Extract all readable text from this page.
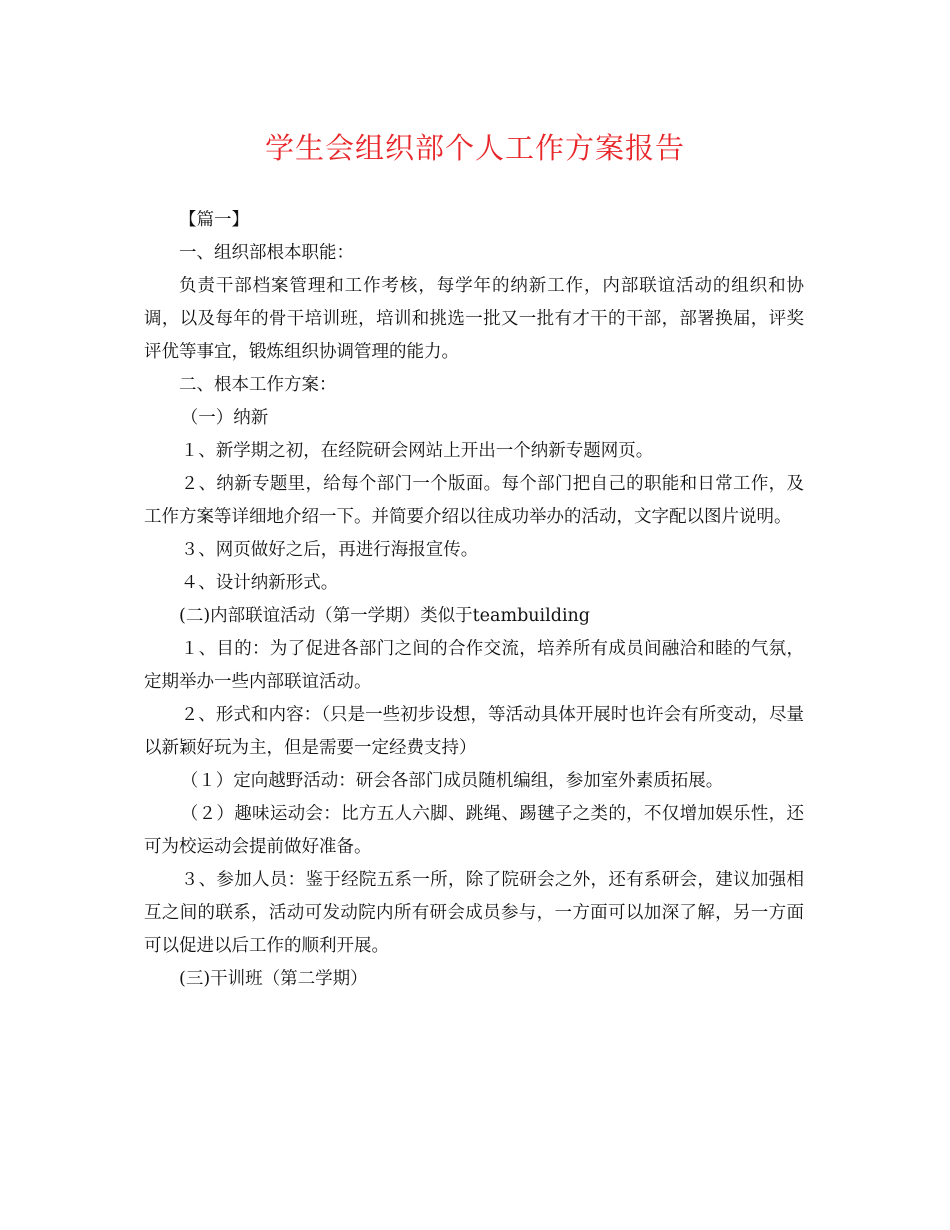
学生会组织部个人工作方案报告

【篇一】

一、组织部根本职能：

负责干部档案管理和工作考核，每学年的纳新工作，内部联谊活动的组织和协调，以及每年的骨干培训班，培训和挑选一批又一批有才干的干部，部署换届，评奖评优等事宜，锻炼组织协调管理的能力。

二、根本工作方案：

（一）纳新

１、新学期之初，在经院研会网站上开出一个纳新专题网页。

２、纳新专题里，给每个部门一个版面。每个部门把自己的职能和日常工作，及工作方案等详细地介绍一下。并简要介绍以往成功举办的活动，文字配以图片说明。

３、网页做好之后，再进行海报宣传。

４、设计纳新形式。

(二)内部联谊活动（第一学期）类似于teambuilding

１、目的：为了促进各部门之间的合作交流，培养所有成员间融洽和睦的气氛，定期举办一些内部联谊活动。

２、形式和内容：（只是一些初步设想，等活动具体开展时也许会有所变动，尽量以新颖好玩为主，但是需要一定经费支持）

（１）定向越野活动：研会各部门成员随机编组，参加室外素质拓展。

（２）趣味运动会：比方五人六脚、跳绳、踢毽子之类的，不仅增加娱乐性，还可为校运动会提前做好准备。

３、参加人员：鉴于经院五系一所，除了院研会之外，还有系研会，建议加强相互之间的联系，活动可发动院内所有研会成员参与，一方面可以加深了解，另一方面可以促进以后工作的顺利开展。

(三)干训班（第二学期）
